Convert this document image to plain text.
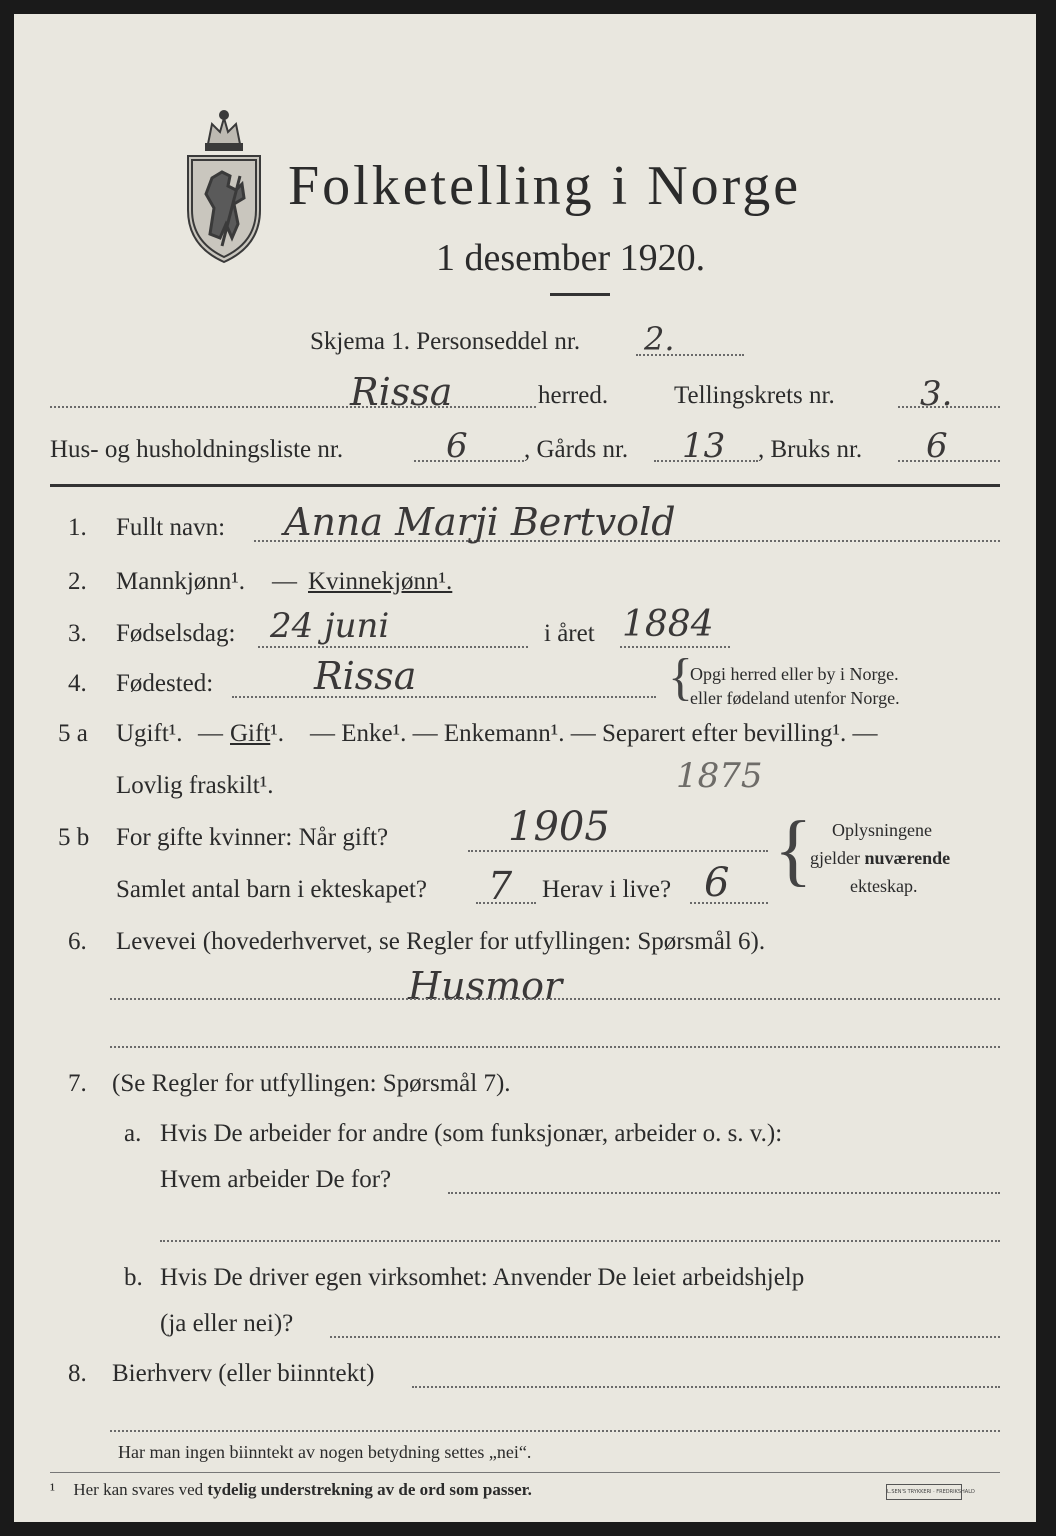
Folketelling i Norge
1 desember 1920.
Skjema 1. Personseddel nr. 2.
Rissa	herred.	Tellingskrets nr.	3.
Hus- og husholdningsliste nr.	6 , Gårds nr. 13 , Bruks nr. 6
1. Fullt navn: Anna Marji Bertvold
2. Mannkjønn¹. — Kvinnekjønn¹.
3. Fødselsdag: 24 juni	i året 1884
4. Fødested:	Rissa	{
Opgi herred eller by i Norge.
eller fødeland utenfor Norge.
5 a Ugift¹. — Gift¹. — Enke¹. — Enkemann¹. — Separert efter bevilling¹. —
Lovlig fraskilt¹.	1875
5 b For gifte kvinner: Når gift?	1905
Samlet antal barn i ekteskapet? 7 Herav i live? 6 { Oplysningene
gjelder nuværende
ekteskap.
6. Levevei (hovederhvervet, se Regler for utfyllingen: Spørsmål 6).
Husmor
7. (Se Regler for utfyllingen: Spørsmål 7).
a. Hvis De arbeider for andre (som funksjonær, arbeider o. s. v.):
Hvem arbeider De for?
b. Hvis De driver egen virksomhet: Anvender De leiet arbeidshjelp
(ja eller nei)?
8. Bierhverv (eller biinntekt)
Har man ingen biinntekt av nogen betydning settes „nei“.
¹ Her kan svares ved tydelig understrekning av de ord som passer.	L.SEN'S TRYKKERI · FREDRIKSHALD
